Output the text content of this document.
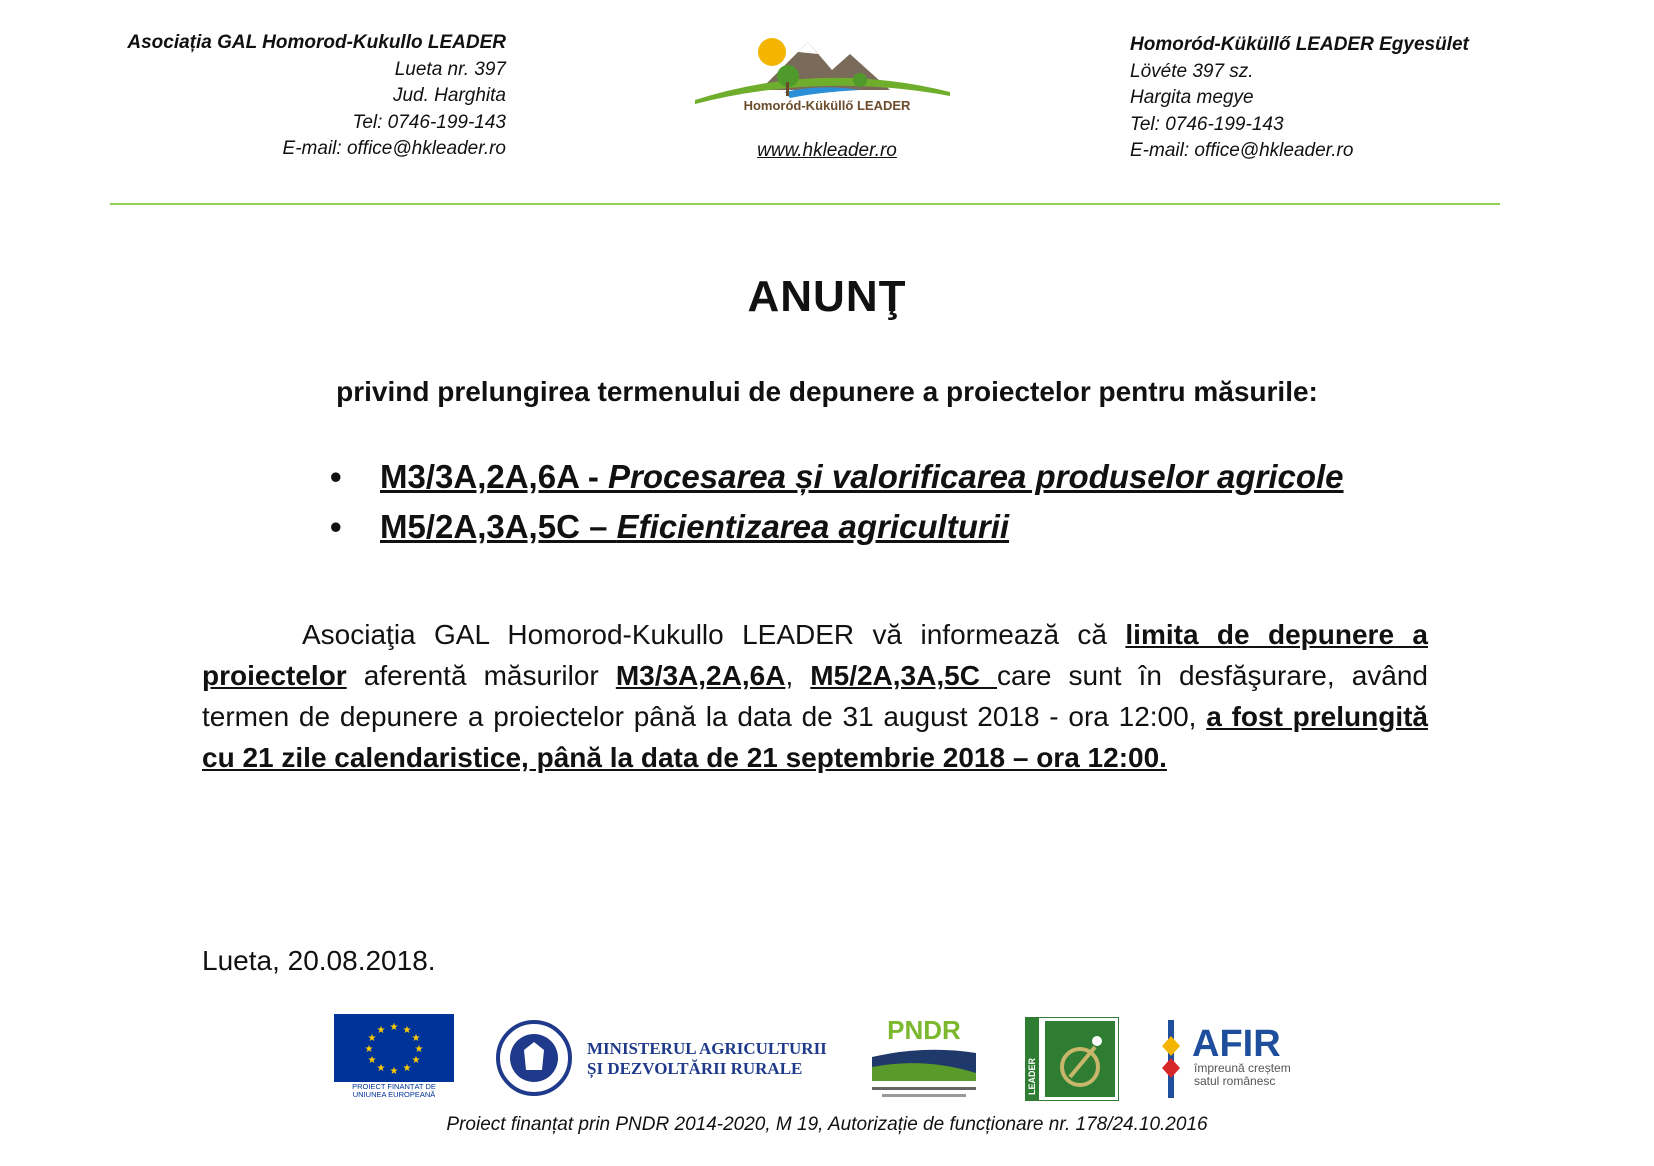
Asociația GAL Homorod-Kukullo LEADER
Lueta nr. 397
Jud. Harghita
Tel: 0746-199-143
E-mail: office@hkleader.ro
Homoród-Küküllő LEADER
www.hkleader.ro
Homoród-Küküllő LEADER Egyesület
Lövéte 397 sz.
Hargita megye
Tel: 0746-199-143
E-mail: office@hkleader.ro
ANUNŢ
privind prelungirea termenului de depunere a proiectelor pentru măsurile:
• M3/3A,2A,6A - Procesarea și valorificarea produselor agricole
• M5/2A,3A,5C – Eficientizarea agriculturii
Asociaţia GAL Homorod-Kukullo LEADER vă informează că limita de depunere a proiectelor aferentă măsurilor M3/3A,2A,6A, M5/2A,3A,5C care sunt în desfăşurare, având termen de depunere a proiectelor până la data de 31 august 2018 - ora 12:00, a fost prelungită cu 21 zile calendaristice, până la data de 21 septembrie 2018 – ora 12:00.
Lueta, 20.08.2018.
★ ★
★
★
★
★
★
★
★
★
★
★
PROIECT FINANȚAT DE
UNIUNEA EUROPEANĂ
MINISTERUL AGRICULTURII
ȘI DEZVOLTĂRII RURALE
PNDR
LEADER
AFIR
împreună creștem
satul românesc
Proiect finanțat prin PNDR 2014-2020, M 19, Autorizație de funcționare nr. 178/24.10.2016
